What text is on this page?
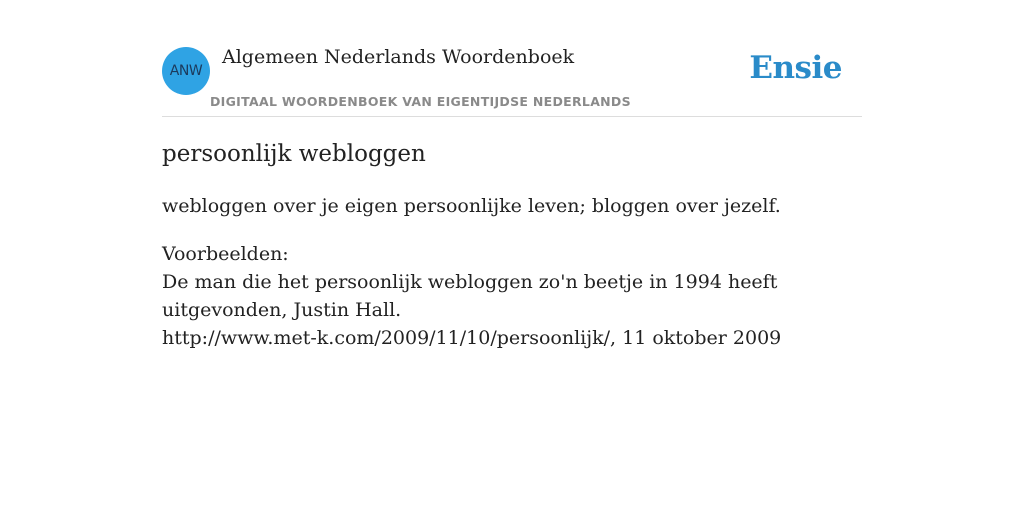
ANW
Algemeen Nederlands Woordenboek
DIGITAAL WOORDENBOEK VAN EIGENTIJDSE NEDERLANDS
Ensie
persoonlijk webloggen
webloggen over je eigen persoonlijke leven; bloggen over jezelf.
Voorbeelden:
De man die het persoonlijk webloggen zo'n beetje in 1994 heeft uitgevonden, Justin Hall.
http://www.met-k.com/2009/11/10/persoonlijk/, 11 oktober 2009
